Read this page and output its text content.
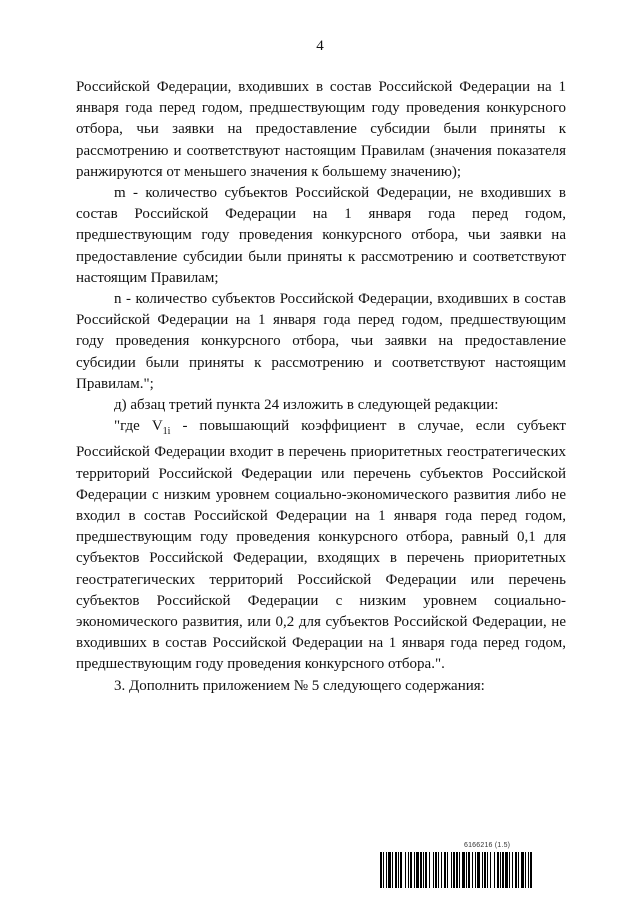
4

Российской Федерации, входивших в состав Российской Федерации на 1 января года перед годом, предшествующим году проведения конкурсного отбора, чьи заявки на предоставление субсидии были приняты к рассмотрению и соответствуют настоящим Правилам (значения показателя ранжируются от меньшего значения к большему значению);

m - количество субъектов Российской Федерации, не входивших в состав Российской Федерации на 1 января года перед годом, предшествующим году проведения конкурсного отбора, чьи заявки на предоставление субсидии были приняты к рассмотрению и соответствуют настоящим Правилам;

n - количество субъектов Российской Федерации, входивших в состав Российской Федерации на 1 января года перед годом, предшествующим году проведения конкурсного отбора, чьи заявки на предоставление субсидии были приняты к рассмотрению и соответствуют настоящим Правилам.";

д) абзац третий пункта 24 изложить в следующей редакции:

"где $V_{1i}$ - повышающий коэффициент в случае, если субъект Российской Федерации входит в перечень приоритетных геостратегических территорий Российской Федерации или перечень субъектов Российской Федерации с низким уровнем социально-экономического развития либо не входил в состав Российской Федерации на 1 января года перед годом, предшествующим году проведения конкурсного отбора, равный 0,1 для субъектов Российской Федерации, входящих в перечень приоритетных геостратегических территорий Российской Федерации или перечень субъектов Российской Федерации с низким уровнем социально-экономического развития, или 0,2 для субъектов Российской Федерации, не входивших в состав Российской Федерации на 1 января года перед годом, предшествующим году проведения конкурсного отбора.".

3. Дополнить приложением № 5 следующего содержания:

6166216 (1.5)
